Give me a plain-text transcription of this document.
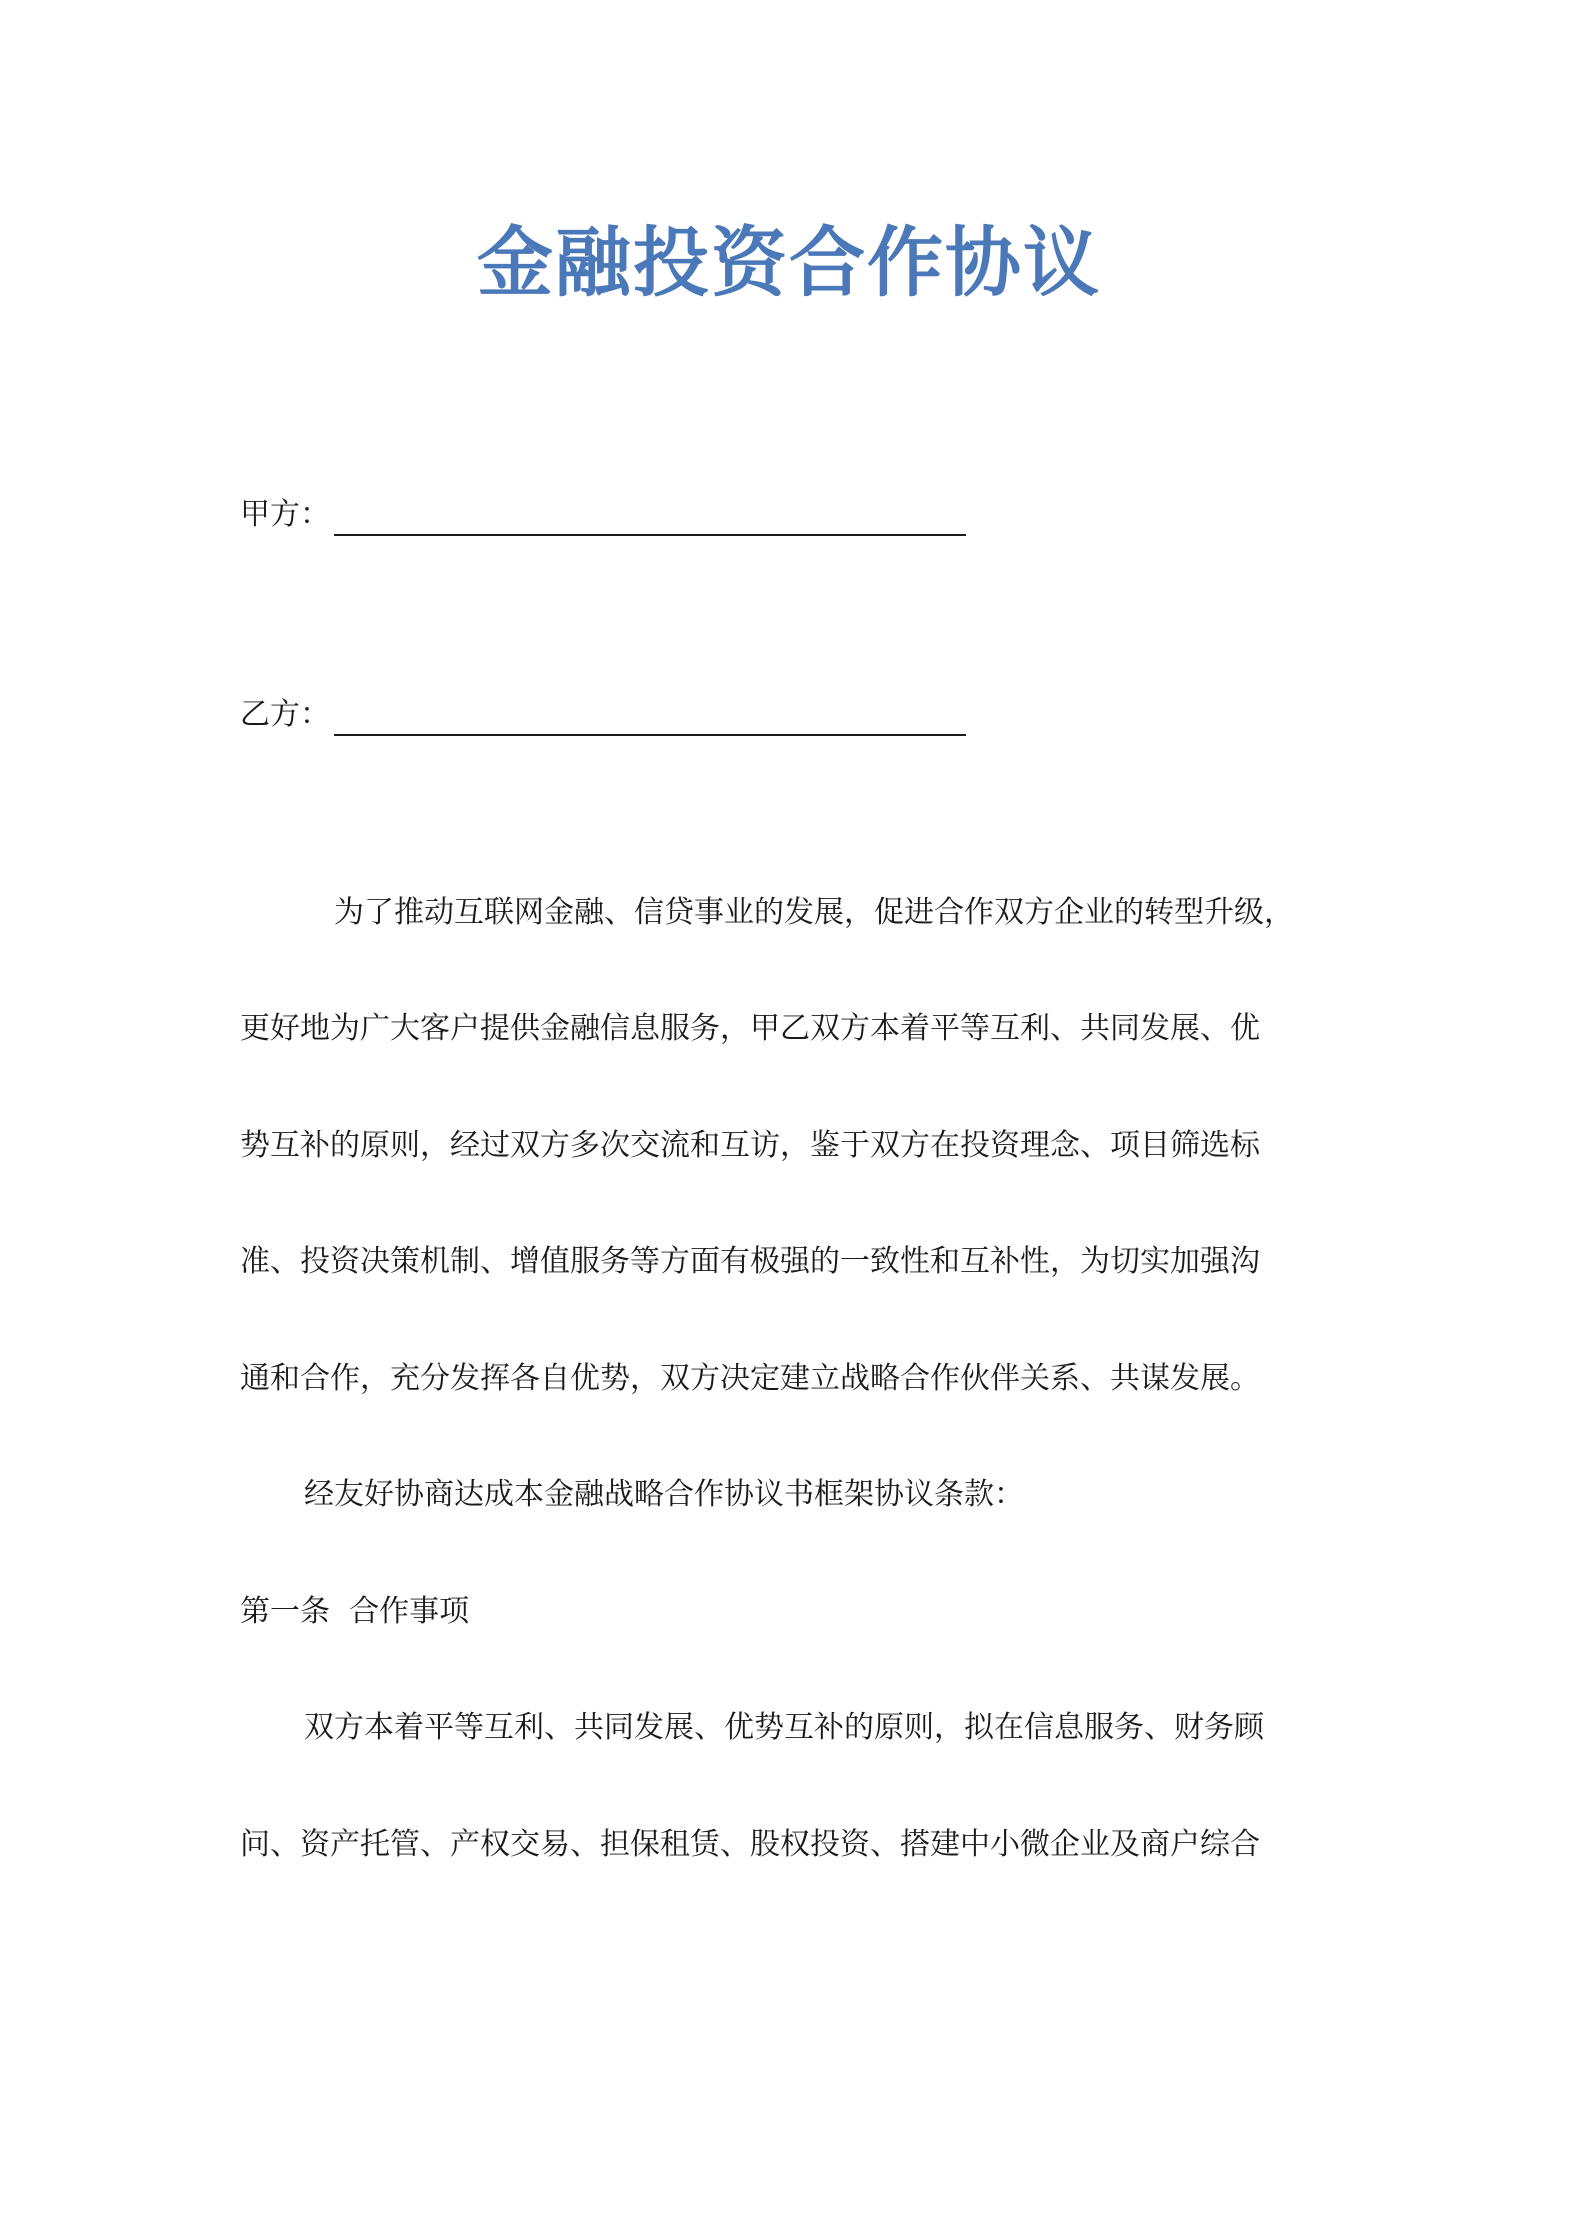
金融投资合作协议
甲方：
乙方：
为了推动互联网金融、信贷事业的发展，促进合作双方企业的转型升级，
更好地为广大客户提供金融信息服务，甲乙双方本着平等互利、共同发展、优
势互补的原则，经过双方多次交流和互访，鉴于双方在投资理念、项目筛选标
准、投资决策机制、增值服务等方面有极强的一致性和互补性，为切实加强沟
通和合作，充分发挥各自优势，双方决定建立战略合作伙伴关系、共谋发展。
经友好协商达成本金融战略合作协议书框架协议条款：
第一条  合作事项
双方本着平等互利、共同发展、优势互补的原则，拟在信息服务、财务顾
问、资产托管、产权交易、担保租赁、股权投资、搭建中小微企业及商户综合
